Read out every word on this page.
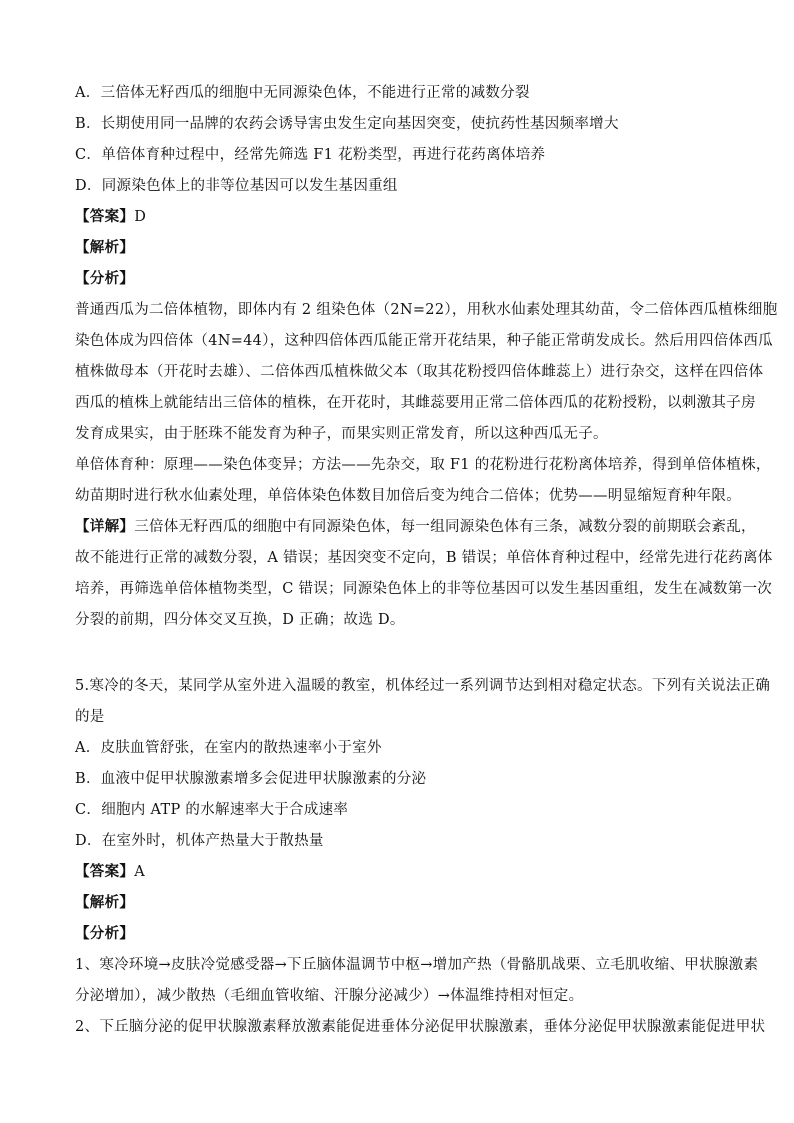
A．三倍体无籽西瓜的细胞中无同源染色体，不能进行正常的减数分裂
B．长期使用同一品牌的农药会诱导害虫发生定向基因突变，使抗药性基因频率增大
C．单倍体育种过程中，经常先筛选 F1 花粉类型，再进行花药离体培养
D．同源染色体上的非等位基因可以发生基因重组
【答案】D
【解析】
【分析】
普通西瓜为二倍体植物，即体内有 2 组染色体（2N=22），用秋水仙素处理其幼苗，令二倍体西瓜植株细胞
染色体成为四倍体（4N=44），这种四倍体西瓜能正常开花结果，种子能正常萌发成长。然后用四倍体西瓜
植株做母本（开花时去雄）、二倍体西瓜植株做父本（取其花粉授四倍体雌蕊上）进行杂交，这样在四倍体
西瓜的植株上就能结出三倍体的植株，在开花时，其雌蕊要用正常二倍体西瓜的花粉授粉，以刺激其子房
发育成果实，由于胚珠不能发育为种子，而果实则正常发育，所以这种西瓜无子。
单倍体育种：原理——染色体变异；方法——先杂交，取 F1 的花粉进行花粉离体培养，得到单倍体植株，
幼苗期时进行秋水仙素处理，单倍体染色体数目加倍后变为纯合二倍体；优势——明显缩短育种年限。
【详解】三倍体无籽西瓜的细胞中有同源染色体，每一组同源染色体有三条，减数分裂的前期联会紊乱，
故不能进行正常的减数分裂，A 错误；基因突变不定向，B 错误；单倍体育种过程中，经常先进行花药离体
培养，再筛选单倍体植物类型，C 错误；同源染色体上的非等位基因可以发生基因重组，发生在减数第一次
分裂的前期，四分体交叉互换，D 正确；故选 D。
5.寒冷的冬天，某同学从室外进入温暖的教室，机体经过一系列调节达到相对稳定状态。下列有关说法正确
的是
A．皮肤血管舒张，在室内的散热速率小于室外
B．血液中促甲状腺激素增多会促进甲状腺激素的分泌
C．细胞内 ATP 的水解速率大于合成速率
D．在室外时，机体产热量大于散热量
【答案】A
【解析】
【分析】
1、寒冷环境→皮肤冷觉感受器→下丘脑体温调节中枢→增加产热（骨骼肌战栗、立毛肌收缩、甲状腺激素
分泌增加），减少散热（毛细血管收缩、汗腺分泌减少）→体温维持相对恒定。
2、下丘脑分泌的促甲状腺激素释放激素能促进垂体分泌促甲状腺激素，垂体分泌促甲状腺激素能促进甲状
